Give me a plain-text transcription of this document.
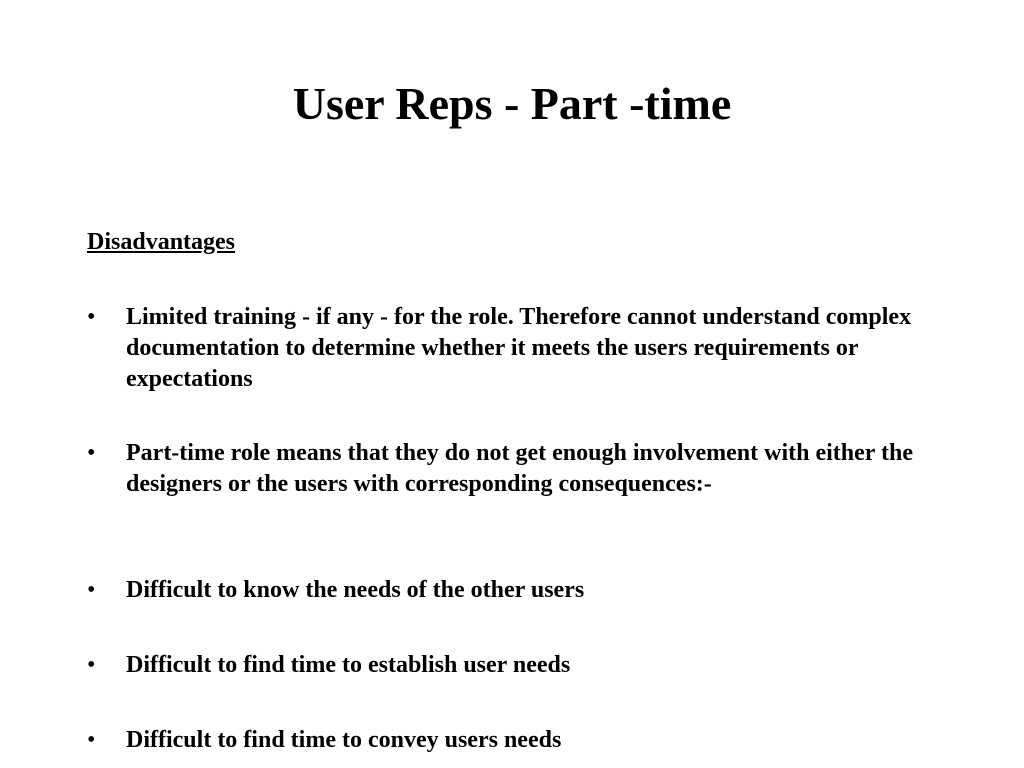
User Reps - Part -time
Disadvantages
•	Limited training - if any - for the role. Therefore cannot understand complex documentation to determine whether it meets the users requirements or expectations
•	Part-time role means that they do not get enough involvement with either the designers or the users with corresponding consequences:-
•	Difficult to know the needs of the other users
•	Difficult to find time to establish user needs
•	Difficult to find time to convey users needs
